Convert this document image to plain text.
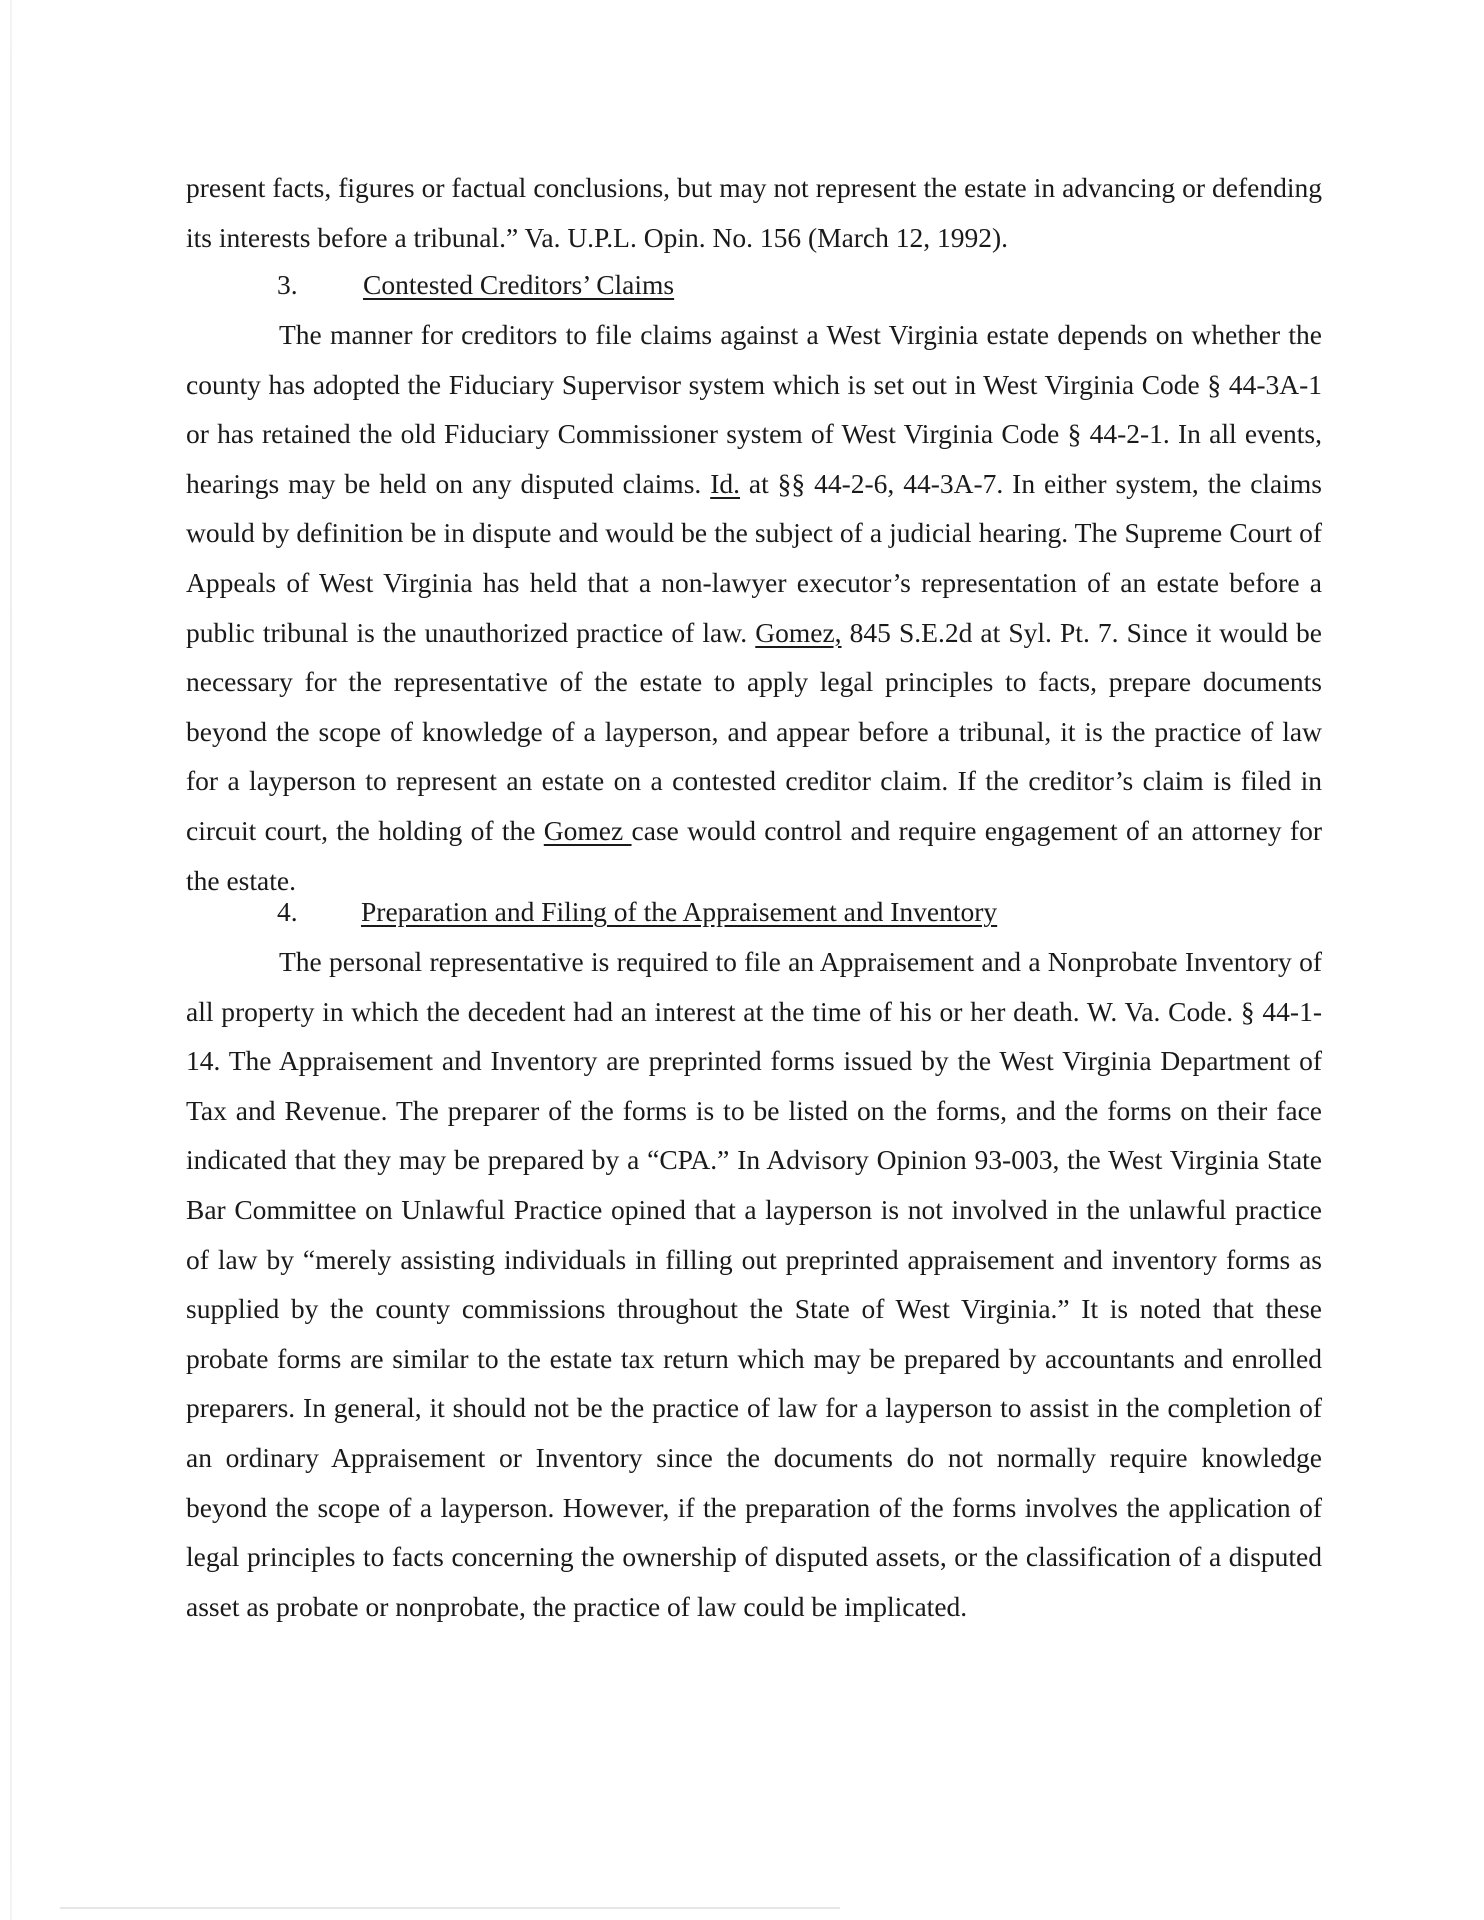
present facts, figures or factual conclusions, but may not represent the estate in advancing or defending its interests before a tribunal.” Va. U.P.L. Opin. No. 156 (March 12, 1992).

3. Contested Creditors’ Claims

The manner for creditors to file claims against a West Virginia estate depends on whether the county has adopted the Fiduciary Supervisor system which is set out in West Virginia Code § 44-3A-1 or has retained the old Fiduciary Commissioner system of West Virginia Code § 44-2-1. In all events, hearings may be held on any disputed claims. Id. at §§ 44-2-6, 44-3A-7. In either system, the claims would by definition be in dispute and would be the subject of a judicial hearing. The Supreme Court of Appeals of West Virginia has held that a non-lawyer executor’s representation of an estate before a public tribunal is the unauthorized practice of law. Gomez, 845 S.E.2d at Syl. Pt. 7. Since it would be necessary for the representative of the estate to apply legal principles to facts, prepare documents beyond the scope of knowledge of a layperson, and appear before a tribunal, it is the practice of law for a layperson to represent an estate on a contested creditor claim. If the creditor’s claim is filed in circuit court, the holding of the Gomez case would control and require engagement of an attorney for the estate.

4. Preparation and Filing of the Appraisement and Inventory

The personal representative is required to file an Appraisement and a Nonprobate Inventory of all property in which the decedent had an interest at the time of his or her death. W. Va. Code. § 44-1-14. The Appraisement and Inventory are preprinted forms issued by the West Virginia Department of Tax and Revenue. The preparer of the forms is to be listed on the forms, and the forms on their face indicated that they may be prepared by a “CPA.” In Advisory Opinion 93-003, the West Virginia State Bar Committee on Unlawful Practice opined that a layperson is not involved in the unlawful practice of law by “merely assisting individuals in filling out preprinted appraisement and inventory forms as supplied by the county commissions throughout the State of West Virginia.” It is noted that these probate forms are similar to the estate tax return which may be prepared by accountants and enrolled preparers. In general, it should not be the practice of law for a layperson to assist in the completion of an ordinary Appraisement or Inventory since the documents do not normally require knowledge beyond the scope of a layperson. However, if the preparation of the forms involves the application of legal principles to facts concerning the ownership of disputed assets, or the classification of a disputed asset as probate or nonprobate, the practice of law could be implicated.
